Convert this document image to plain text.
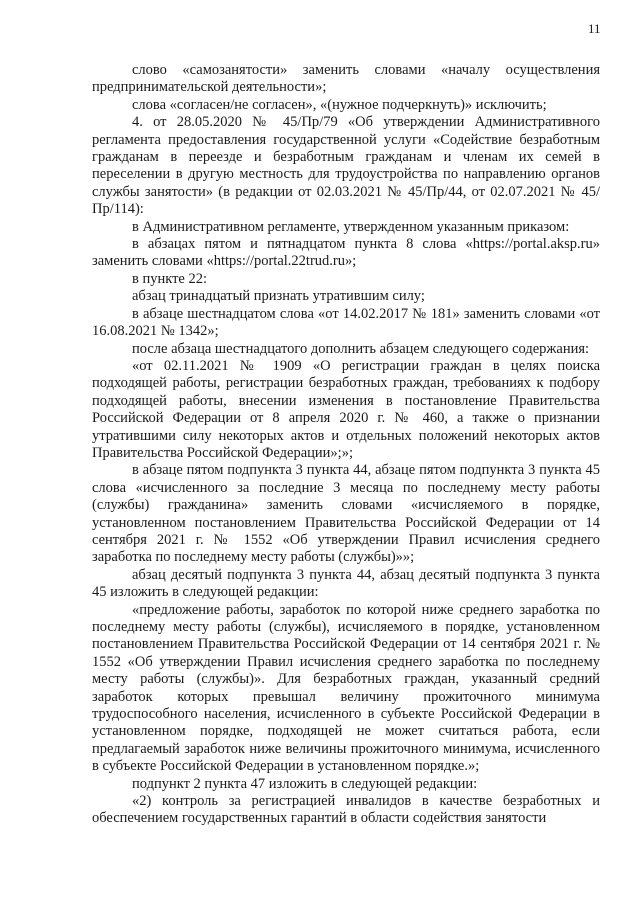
11

слово «самозанятости» заменить словами «началу осуществления предпринимательской деятельности»;

слова «согласен/не согласен», «(нужное подчеркнуть)» исключить;

4. от 28.05.2020 № 45/Пр/79 «Об утверждении Административного регламента предоставления государственной услуги «Содействие безработным гражданам в переезде и безработным гражданам и членам их семей в переселении в другую местность для трудоустройства по направлению органов службы занятости» (в редакции от 02.03.2021 № 45/Пр/44, от 02.07.2021 № 45/Пр/114):

в Административном регламенте, утвержденном указанным приказом:

в абзацах пятом и пятнадцатом пункта 8 слова «https://portal.aksp.ru» заменить словами «https://portal.22trud.ru»;

в пункте 22:

абзац тринадцатый признать утратившим силу;

в абзаце шестнадцатом слова «от 14.02.2017 № 181» заменить словами «от 16.08.2021 № 1342»;

после абзаца шестнадцатого дополнить абзацем следующего содержания:

«от 02.11.2021 № 1909 «О регистрации граждан в целях поиска подходящей работы, регистрации безработных граждан, требованиях к подбору подходящей работы, внесении изменения в постановление Правительства Российской Федерации от 8 апреля 2020 г. № 460, а также о признании утратившими силу некоторых актов и отдельных положений некоторых актов Правительства Российской Федерации»;»;

в абзаце пятом подпункта 3 пункта 44, абзаце пятом подпункта 3 пункта 45 слова «исчисленного за последние 3 месяца по последнему месту работы (службы) гражданина» заменить словами «исчисляемого в порядке, установленном постановлением Правительства Российской Федерации от 14 сентября 2021 г. № 1552 «Об утверждении Правил исчисления среднего заработка по последнему месту работы (службы)»»;

абзац десятый подпункта 3 пункта 44, абзац десятый подпункта 3 пункта 45 изложить в следующей редакции:

«предложение работы, заработок по которой ниже среднего заработка по последнему месту работы (службы), исчисляемого в порядке, установленном постановлением Правительства Российской Федерации от 14 сентября 2021 г. № 1552 «Об утверждении Правил исчисления среднего заработка по последнему месту работы (службы)». Для безработных граждан, указанный средний заработок которых превышал величину прожиточного минимума трудоспособного населения, исчисленного в субъекте Российской Федерации в установленном порядке, подходящей не может считаться работа, если предлагаемый заработок ниже величины прожиточного минимума, исчисленного в субъекте Российской Федерации в установленном порядке.»;

подпункт 2 пункта 47 изложить в следующей редакции:

«2) контроль за регистрацией инвалидов в качестве безработных и обеспечением государственных гарантий в области содействия занятости
